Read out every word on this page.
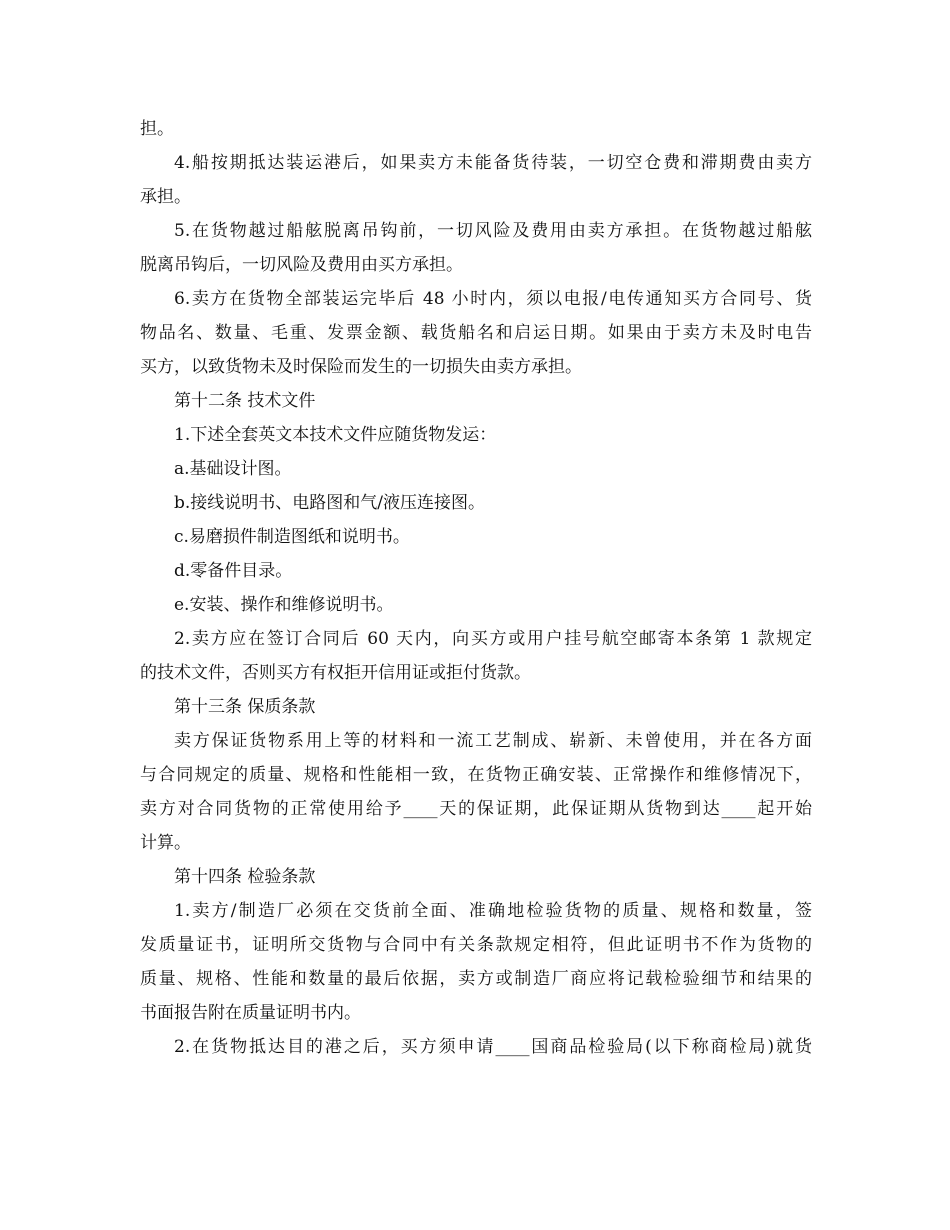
担。
4.船按期抵达装运港后，如果卖方未能备货待装，一切空仓费和滞期费由卖方
承担。
5.在货物越过船舷脱离吊钩前，一切风险及费用由卖方承担。在货物越过船舷
脱离吊钩后，一切风险及费用由买方承担。
6.卖方在货物全部装运完毕后 48 小时内，须以电报/电传通知买方合同号、货
物品名、数量、毛重、发票金额、载货船名和启运日期。如果由于卖方未及时电告
买方，以致货物未及时保险而发生的一切损失由卖方承担。
第十二条 技术文件
1.下述全套英文本技术文件应随货物发运：
a.基础设计图。
b.接线说明书、电路图和气/液压连接图。
c.易磨损件制造图纸和说明书。
d.零备件目录。
e.安装、操作和维修说明书。
2.卖方应在签订合同后 60 天内，向买方或用户挂号航空邮寄本条第 1 款规定
的技术文件，否则买方有权拒开信用证或拒付货款。
第十三条 保质条款
卖方保证货物系用上等的材料和一流工艺制成、崭新、未曾使用，并在各方面
与合同规定的质量、规格和性能相一致，在货物正确安装、正常操作和维修情况下，
卖方对合同货物的正常使用给予____天的保证期，此保证期从货物到达____起开始
计算。
第十四条 检验条款
1.卖方/制造厂必须在交货前全面、准确地检验货物的质量、规格和数量，签
发质量证书，证明所交货物与合同中有关条款规定相符，但此证明书不作为货物的
质量、规格、性能和数量的最后依据，卖方或制造厂商应将记载检验细节和结果的
书面报告附在质量证明书内。
2.在货物抵达目的港之后，买方须申请____国商品检验局(以下称商检局)就货
